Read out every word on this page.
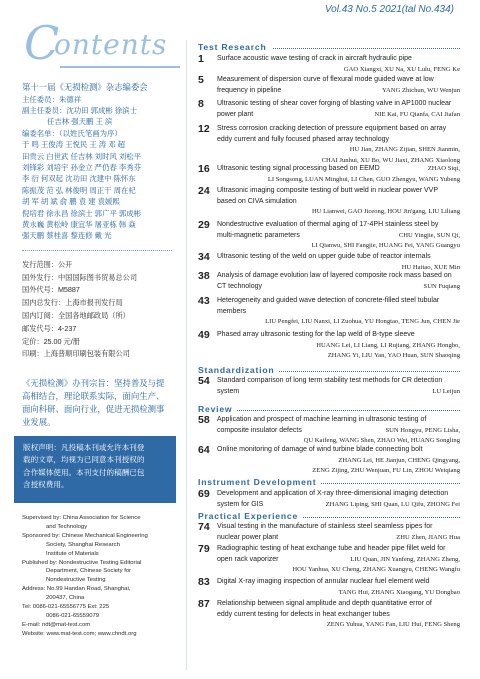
C
ontents
Vol.43 No.5 2021(tal No.434)
第十一届《无损检测》杂志编委会
主任委员：朱德祥
副主任委员：沈功田 郭成彬 徐滨士
任吉林 强天鹏 王 滨
编委名单：（以姓氏笔画为序）
于 鸣 王俊涛 王悦民 王 涛 邓 超
田贵云 白世武 任吉林 刘时风 刘松平
刘锋彩 刘培宇 孙金立 严仍春 李秀芬
李 衍 何双起 沈功田 沈建中 陈怀东
陈振茂 范 弘 林俊明 周正干 周在杞
胡 军 胡 斌 俞 鹏 袁 建 袁媛熙
倪培君 徐永昌 徐滨士 郭广平 郭成彬
黄永巍 黄松岭 康宜华 屠亚栋 韩 焱
强天鹏 蔡桂喜 黎连修 戴 光
发行范围：公开
国外发行：中国国际图书贸易总公司
国外代号：M5887
国内总发行：上海市报刊发行局
国内订阅：全国各地邮政局（所）
邮发代号：4-237
定价：25.00 元/册
印刷：上海普顺印刷包装有限公司
《无损检测》办刊宗旨：坚持普及与提
高相结合，理论联系实际，面向生产、
面向科研、面向行业，促进无损检测事
业发展。
版权声明：凡投稿本刊或允许本刊登
载的文章，均视为已同意本刊授权的
合作媒体使用。本刊支付的稿酬已包
含授权费用。
Supervised by: China Association for Science
and Technology
Sponsored by: Chinese Mechanical Engineering
Society, Shanghai Research
Institute of Materials
Published by: Nondestructive Testing Editorial
Department, Chinese Society for
Nondestructive Testing
Address: No.99 Handan Road, Shanghai,
200437, China
Tel: 0086-021-65556775 Ext: 225
0086-021-65559079
E-mail: ndt@mat-test.com
Website: www.mat-test.com; www.chndt.org
Test Research
1	Surface acoustic wave testing of crack in aircraft hydraulic pipe
GAO Xiangxi, XU Na, XU Lulu, FENG Ke
5	Measurement of dispersion curve of flexural mode guided wave at low
YANG Zhichun, WU Wenjun
frequency in pipeline
8	Ultrasonic testing of shear cover forging of blasting valve in AP1000 nuclear
NIE Kai, FU Qianfa, CAI Jiafan
power plant
12	Stress corrosion cracking detection of pressure equipment based on array
eddy current and fully focused phased array technology
HU Jian, ZHANG Zijian, SHEN Jianmin,
CHAI Junhui, XU Bo, WU Jiaxi, ZHANG Xiaolong
16	ZHAO Siqi,
Ultrasonic testing signal processing based on EEMD
LI Songsong, LUAN Minghui, LI Chen, GUO Zhengyu, WANG Yubeng
24	Ultrasonic imaging composite testing of butt weld in nuclear power VVP
based on CIVA simulation
HU Lianwei, GAO Jiceong, HOU Jin'gang, LIU Liliang
29	Nondestructive evaluation of thermal aging of 17-4PH stainless steel by
CHU Yingjie, SUN Qi,
multi-magnetic parameters
LI Qianwu, SHI Fangjie, HUANG Fei, YANG Guangyu
34	Ultrasonic testing of the weld on upper guide tube of reactor internals
HU Haitao, XUE Min
38	Analysis of damage evolution law of layered composite rock mass based on
SUN Fuqiang
CT technology
43	Heterogeneity and guided wave detection of concrete-filled steel tubular
members
LIU Pengfei, LIU Nanxi, LI Zuohua, YU Hongtao, TENG Jun, CHEN Jie
49	Phased array ultrasonic testing for the lap weld of B-type sleeve
HUANG Lei, LI Liang, LI Rujiang, ZHANG Hongbo,
ZHANG Yi, LIU Yan, YAO Huan, SUN Shaoqing
Standardization
54	Standard comparison of long term stability test methods for CR detection
LU Leijun
system
Review
58	Application and prospect of machine learning in ultrasonic testing of
SUN Hongyu, PENG Lisha,
composite insulator defects
QU Kaifeng, WANG Shen, ZHAO Wei, HUANG Songling
64	Online monitoring of damage of wind turbine blade connecting bolt
ZHANG Lei, HE Jianjun, CHENG Qingyang,
ZENG Zijing, ZHU Wenjuan, FU Lin, ZHOU Weiqiang
Instrument Development
69	Development and application of X-ray three-dimensional imaging detection
ZHANG Liping, SHI Quan, LU Qifu, ZHONG Fei
system for GIS
Practical Experience
74	Visual testing in the manufacture of stainless steel seamless pipes for
ZHU Zhen, JIANG Hua
nuclear power plant
79	Radiographic testing of heat exchange tube and header pipe fillet weld for
LIU Quan, JIN Yanfeng, ZHANG Zheng,
open rack vaporizer
HOU Yanhua, XU Cheng, ZHANG Xuangyu, CHENG Wangfu
83	Digital X-ray imaging inspection of annular nuclear fuel element weld
TANG Hui, ZHANG Xiaogang, YU Dongbao
87	Relationship between signal amplitude and depth quantitative error of
eddy current testing for defects in heat exchanger tubes
ZENG Yuhua, YANG Fan, LIU Hui, FENG Sheng
